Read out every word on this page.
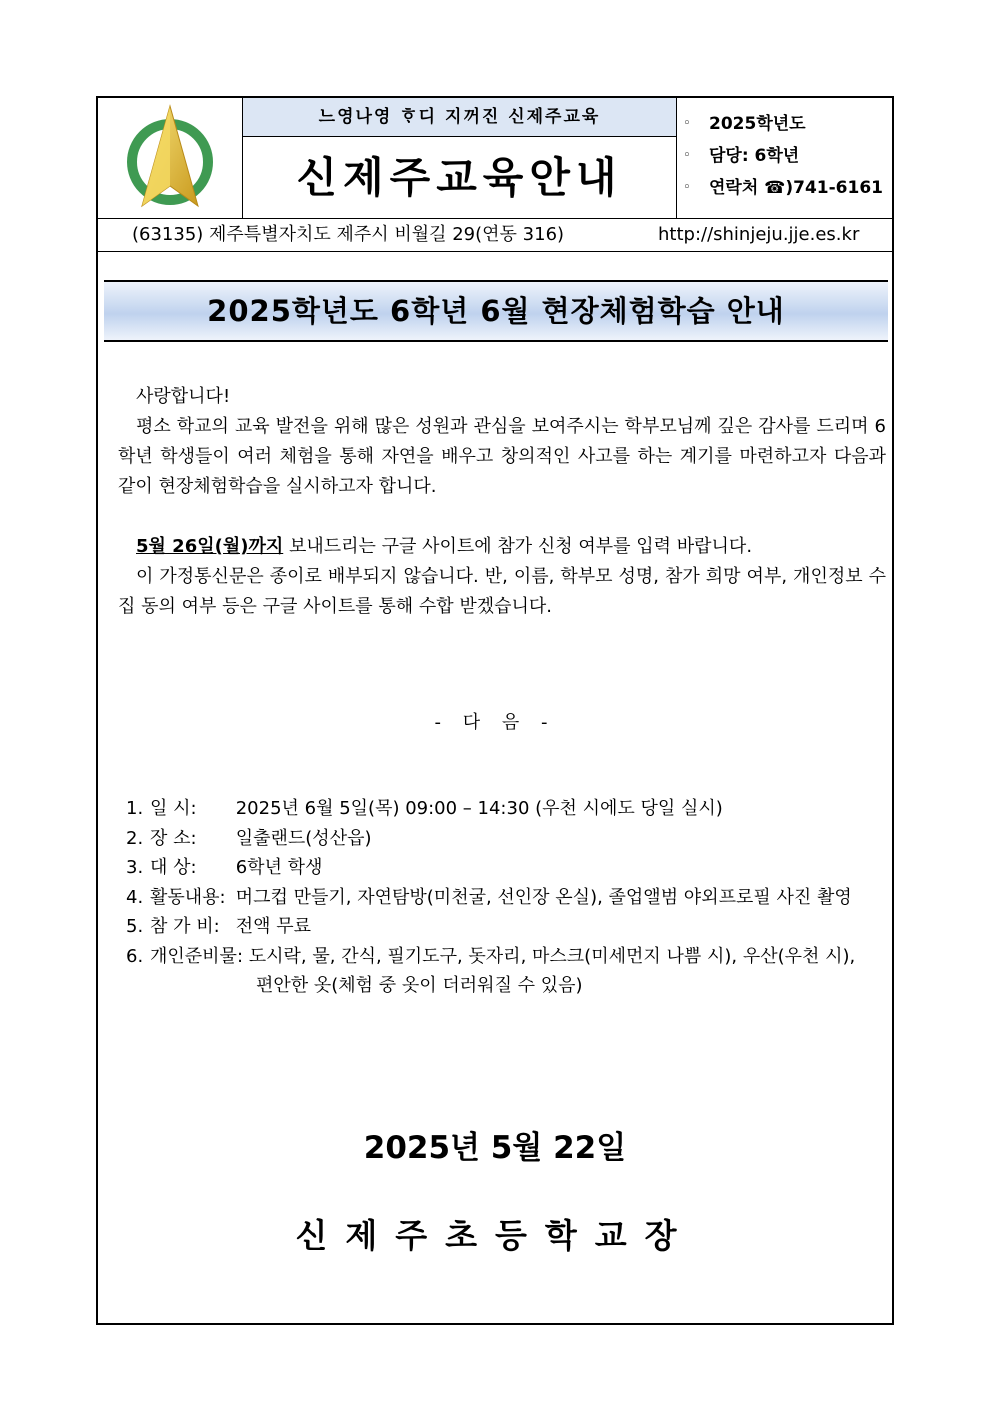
느영나영 ᄒᆞ디 지꺼진 신제주교육
신제주교육안내
◦ 2025학년도
◦ 담당: 6학년
◦ 연락처 ☎)741-6161
(63135) 제주특별자치도 제주시 비월길 29(연동 316)	http://shinjeju.jje.es.kr
2025학년도 6학년 6월 현장체험학습 안내
사랑합니다!
평소 학교의 교육 발전을 위해 많은 성원과 관심을 보여주시는 학부모님께 깊은 감사를 드리며 6학년 학생들이 여러 체험을 통해 자연을 배우고 창의적인 사고를 하는 계기를 마련하고자 다음과 같이 현장체험학습을 실시하고자 합니다.
5월 26일(월)까지 보내드리는 구글 사이트에 참가 신청 여부를 입력 바랍니다.
이 가정통신문은 종이로 배부되지 않습니다. 반, 이름, 학부모 성명, 참가 희망 여부, 개인정보 수집 동의 여부 등은 구글 사이트를 통해 수합 받겠습니다.
- 다 음 -
1. 일 시: 2025년 6월 5일(목) 09:00 – 14:30 (우천 시에도 당일 실시)
2. 장 소: 일출랜드(성산읍)
3. 대 상: 6학년 학생
4. 활동내용: 머그컵 만들기, 자연탐방(미천굴, 선인장 온실), 졸업앨범 야외프로필 사진 촬영
5. 참 가 비: 전액 무료
6. 개인준비물: 도시락, 물, 간식, 필기도구, 돗자리, 마스크(미세먼지 나쁨 시), 우산(우천 시),
편안한 옷(체험 중 옷이 더러워질 수 있음)
2025년 5월 22일
신제주초등학교장
